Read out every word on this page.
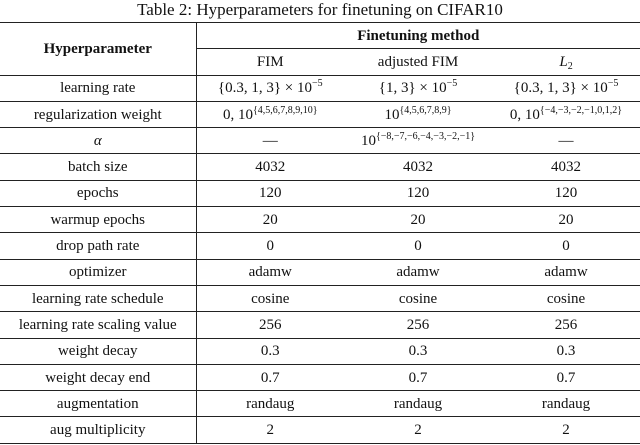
Table 2: Hyperparameters for finetuning on CIFAR10
Hyperparameter	Finetuning method		
	FIM	adjusted FIM	$L_2$
learning rate	{0.3, 1, $3\} \times 10^{-5}$	{1, $3\} \times 10^{-5}$	{0.3, 1, $3\} \times 10^{-5}$
regularization weight	0, $10^{\{4,5,6,7,8,9,10\}}$	$10^{\{4,5,6,7,8,9\}}$	0, $10^{\{-4,-3,-2,-1,0,1,2\}}$
α	—	$10^{\{-8,-7,-6,-4,-3,-2,-1\}}$	—
batch size	4032	4032	4032
epochs	120	120	120
warmup epochs	20	20	20
drop path rate	0	0	0
optimizer	adamw	adamw	adamw
learning rate schedule	cosine	cosine	cosine
learning rate scaling value	256	256	256
weight decay	0.3	0.3	0.3
weight decay end	0.7	0.7	0.7
augmentation	randaug	randaug	randaug
aug multiplicity	2	2	2
